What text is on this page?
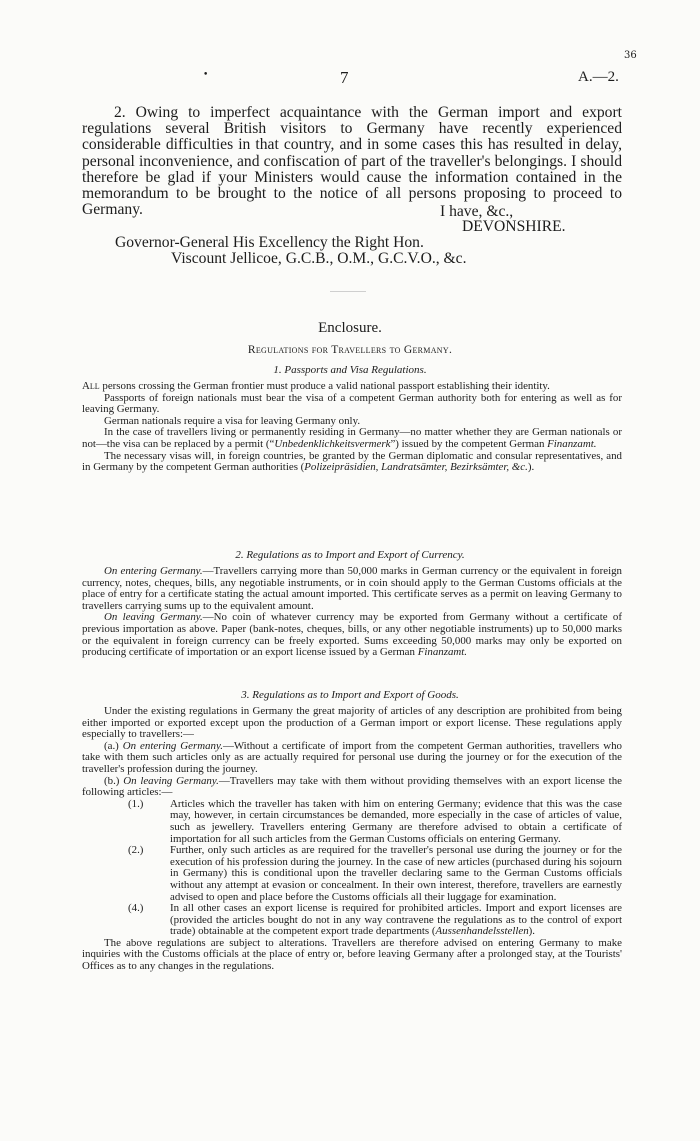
36
•	7	A.—2.

2. Owing to imperfect acquaintance with the German import and export regulations several British visitors to Germany have recently experienced considerable difficulties in that country, and in some cases this has resulted in delay, personal inconvenience, and confiscation of part of the traveller's belongings. I should therefore be glad if your Ministers would cause the information contained in the memorandum to be brought to the notice of all persons proposing to proceed to Germany.	I have, &c.,
DEVONSHIRE.
Governor-General His Excellency the Right Hon.
Viscount Jellicoe, G.C.B., O.M., G.C.V.O., &c.
Enclosure.
Regulations for Travellers to Germany.
1. Passports and Visa Regulations.

All persons crossing the German frontier must produce a valid national passport establishing their identity.

Passports of foreign nationals must bear the visa of a competent German authority both for entering as well as for leaving Germany.

German nationals require a visa for leaving Germany only.

In the case of travellers living or permanently residing in Germany—no matter whether they are German nationals or not—the visa can be replaced by a permit (“Unbedenklichkeitsvermerk”) issued by the competent German Finanzamt.

The necessary visas will, in foreign countries, be granted by the German diplomatic and consular representatives, and in Germany by the competent German authorities (Polizeipräsidien, Landratsämter, Bezirksämter, &c.).

2. Regulations as to Import and Export of Currency.

On entering Germany.—Travellers carrying more than 50,000 marks in German currency or the equivalent in foreign currency, notes, cheques, bills, any negotiable instruments, or in coin should apply to the German Customs officials at the place of entry for a certificate stating the actual amount imported. This certificate serves as a permit on leaving Germany to travellers carrying sums up to the equivalent amount.

On leaving Germany.—No coin of whatever currency may be exported from Germany without a certificate of previous importation as above. Paper (bank-notes, cheques, bills, or any other negotiable instruments) up to 50,000 marks or the equivalent in foreign currency can be freely exported. Sums exceeding 50,000 marks may only be exported on producing certificate of importation or an export license issued by a German Finanzamt.

3. Regulations as to Import and Export of Goods.

Under the existing regulations in Germany the great majority of articles of any description are prohibited from being either imported or exported except upon the production of a German import or export license. These regulations apply especially to travellers:—

(a.) On entering Germany.—Without a certificate of import from the competent German authorities, travellers who take with them such articles only as are actually required for personal use during the journey or for the execution of the traveller's profession during the journey.

(b.) On leaving Germany.—Travellers may take with them without providing themselves with an export license the following articles:—

(1.) Articles which the traveller has taken with him on entering Germany; evidence that this was the case may, however, in certain circumstances be demanded, more especially in the case of articles of value, such as jewellery. Travellers entering Germany are therefore advised to obtain a certificate of importation for all such articles from the German Customs officials on entering Germany.

(2.) Further, only such articles as are required for the traveller's personal use during the journey or for the execution of his profession during the journey. In the case of new articles (purchased during his sojourn in Germany) this is conditional upon the traveller declaring same to the German Customs officials without any attempt at evasion or concealment. In their own interest, therefore, travellers are earnestly advised to open and place before the Customs officials all their luggage for examination.

(4.) In all other cases an export license is required for prohibited articles. Import and export licenses are (provided the articles bought do not in any way contravene the regulations as to the control of export trade) obtainable at the competent export trade departments (Aussenhandelsstellen).

The above regulations are subject to alterations. Travellers are therefore advised on entering Germany to make inquiries with the Customs officials at the place of entry or, before leaving Germany after a prolonged stay, at the Tourists' Offices as to any changes in the regulations.
